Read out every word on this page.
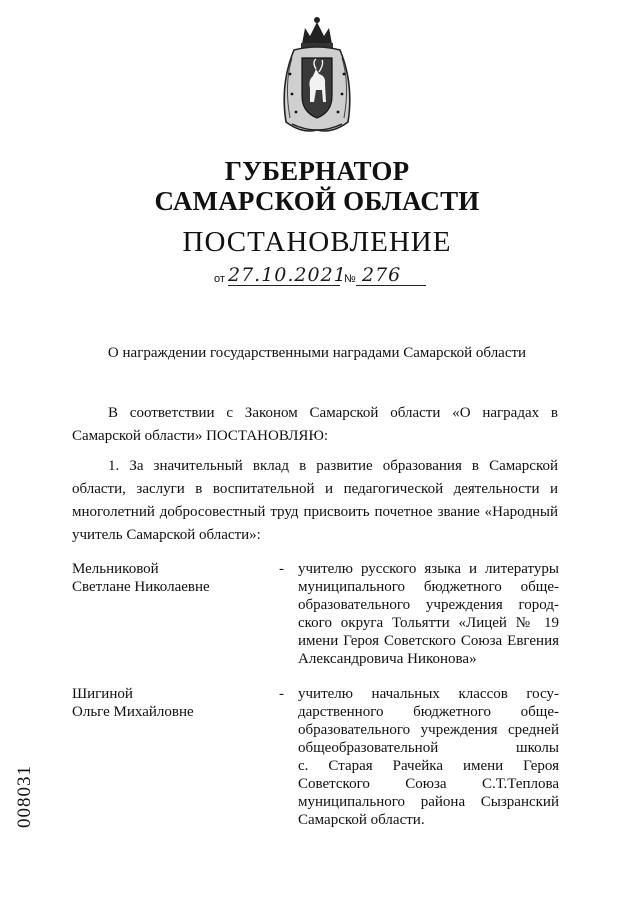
ГУБЕРНАТОР
САМАРСКОЙ ОБЛАСТИ
ПОСТАНОВЛЕНИЕ
от 27.10.2021
№ 276
О награждении государственными наградами Самарской области
В соответствии с Законом Самарской области «О наградах в Самарской области» ПОСТАНОВЛЯЮ:
1. За значительный вклад в развитие образования в Самарской области, заслуги в воспитательной и педагогической деятельности и многолетний добросовестный труд присвоить почетное звание «Народный учитель Самарской области»:
Мельниковой
Светлане Николаевне
- учителю русского языка и литературы
муниципального бюджетного обще-
образовательного учреждения город-
ского округа Тольятти «Лицей № 19
имени Героя Советского Союза Евгения
Александровича Никонова»
Шигиной
Ольге Михайловне
- учителю начальных классов госу-
дарственного бюджетного обще-
образовательного учреждения средней
общеобразовательной школы
с. Старая Рачейка имени Героя
Советского Союза С.Т.Теплова
муниципального района Сызранский
Самарской области.
008031
